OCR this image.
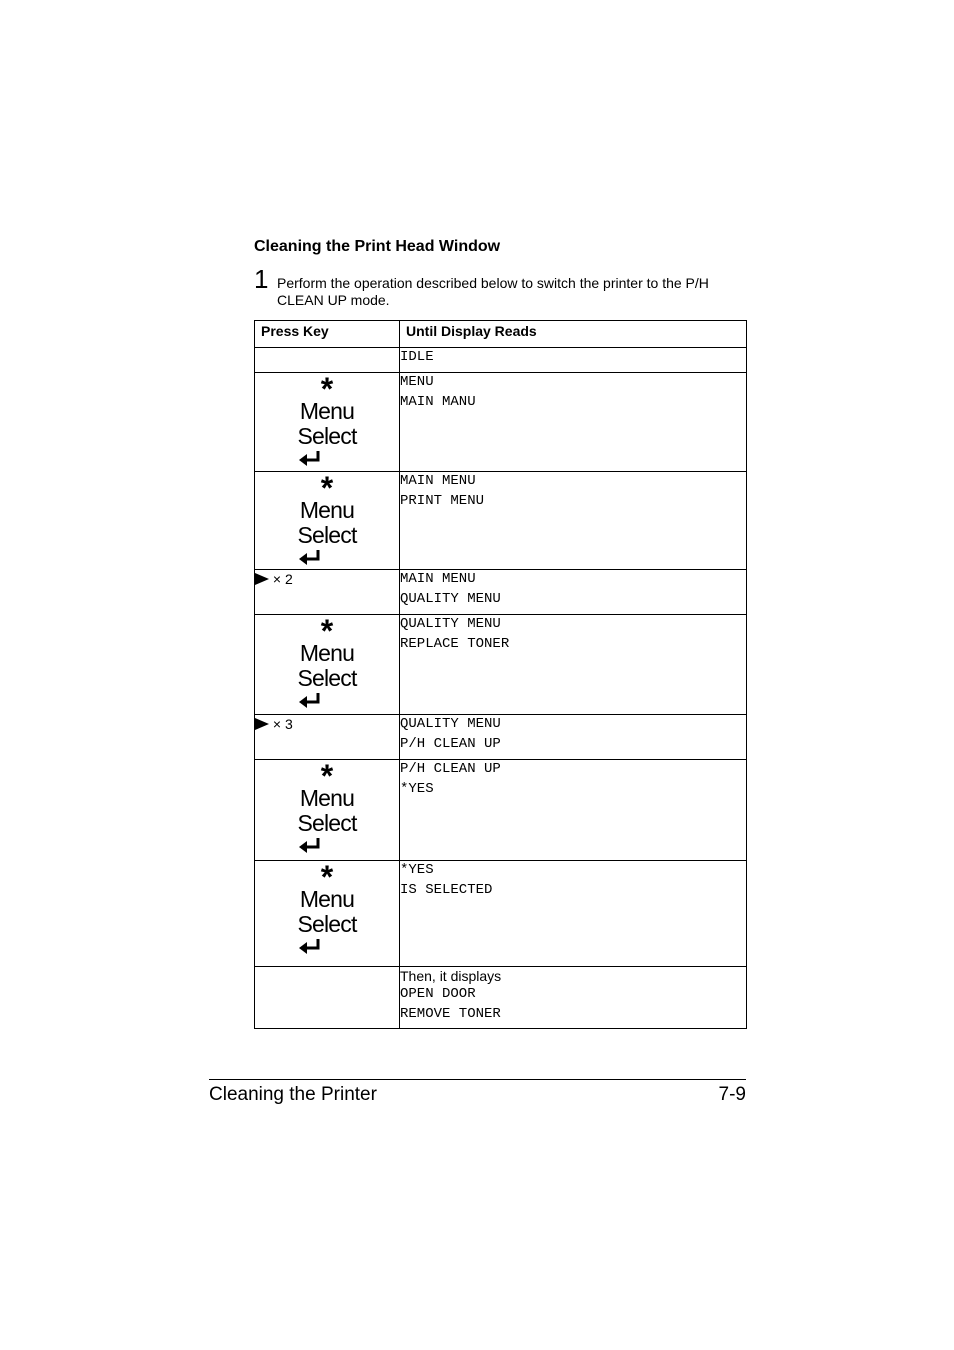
Cleaning the Print Head Window
1 Perform the operation described below to switch the printer to the P/H CLEAN UP mode.
Press Key	Until Display Reads

	IDLE

*
Menu
Select	MENU
MAIN MANU

*
Menu
Select	MAIN MENU
PRINT MENU

× 2	MAIN MENU
QUALITY MENU

*
Menu
Select	QUALITY MENU
REPLACE TONER

× 3	QUALITY MENU
P/H CLEAN UP

*
Menu
Select	P/H CLEAN UP
*YES

*
Menu
Select	*YES
IS SELECTED

	Then, it displays
OPEN DOOR
REMOVE TONER
Cleaning the Printer	7-9
